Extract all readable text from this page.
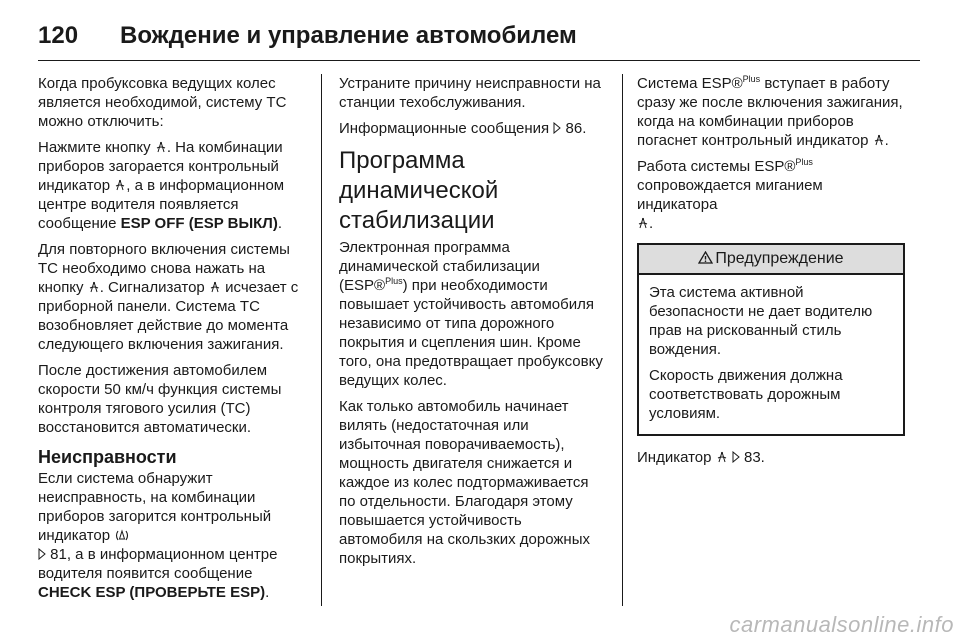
120 Вождение и управление автомобилем

Когда пробуксовка ведущих колес является необходимой, систему ТС можно отключить:

Нажмите кнопку . На комбинации приборов загорается контрольный индикатор , а в информационном центре водителя появляется сообщение ESP OFF (ESP ВЫКЛ).

Для повторного включения системы ТС необходимо снова нажать на кнопку . Сигнализатор  исчезает с приборной панели. Система ТС возобновляет действие до момента следующего включения зажигания.

После достижения автомобилем скорости 50 км/ч функция системы контроля тягового усилия (ТС) восстановится автоматически.

Неисправности

Если система обнаружит неисправность, на комбинации приборов загорится контрольный индикатор
81, а в информационном центре водителя появится сообщение CHECK ESP (ПРОВЕРЬТЕ ESP).

Устраните причину неисправности на станции техобслуживания.

Информационные сообщения  86.

Программа динамической стабилизации

Электронная программа динамической стабилизации (ESP®$^{Plus}$) при необходимости повышает устойчивость автомобиля независимо от типа дорожного покрытия и сцепления шин. Кроме того, она предотвращает пробуксовку ведущих колес.

Как только автомобиль начинает вилять (недостаточная или избыточная поворачиваемость), мощность двигателя снижается и каждое из колес подтормаживается по отдельности. Благодаря этому повышается устойчивость автомобиля на скользких дорожных покрытиях.

Система ESP®$^{Plus}$ вступает в работу сразу же после включения зажигания, когда на комбинации приборов погаснет контрольный индикатор .

Работа системы ESP®$^{Plus}$ сопровождается миганием индикатора
.

Предупреждение

Эта система активной безопасности не дает водителю прав на рискованный стиль вождения.

Скорость движения должна соответствовать дорожным условиям.

Индикатор   83.

carmanualsonline.info
